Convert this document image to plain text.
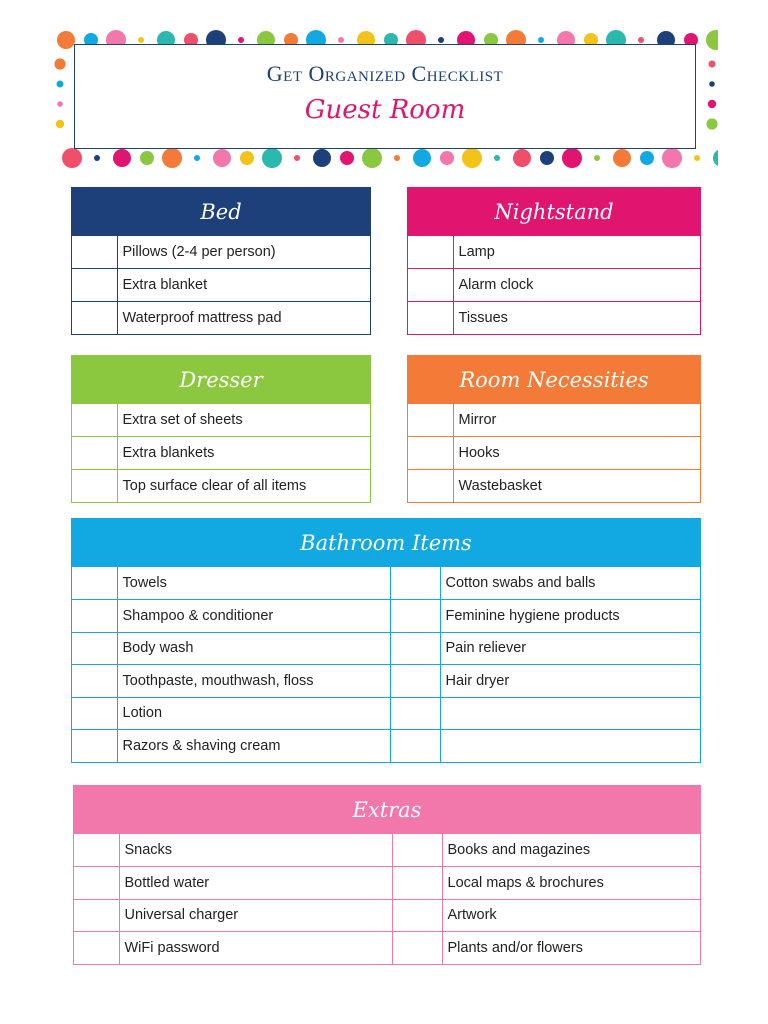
Get Organized Checklist
Guest Room
Bed
	Pillows (2-4 per person)
	Extra blanket
	Waterproof mattress pad
Nightstand
	Lamp
	Alarm clock
	Tissues
Dresser
	Extra set of sheets
	Extra blankets
	Top surface clear of all items
Room Necessities
	Mirror
	Hooks
	Wastebasket
Bathroom Items
	Towels		Cotton swabs and balls
	Shampoo & conditioner		Feminine hygiene products
	Body wash		Pain reliever
	Toothpaste, mouthwash, floss		Hair dryer
	Lotion		
	Razors & shaving cream		
Extras
	Snacks		Books and magazines
	Bottled water		Local maps & brochures
	Universal charger		Artwork
	WiFi password		Plants and/or flowers
